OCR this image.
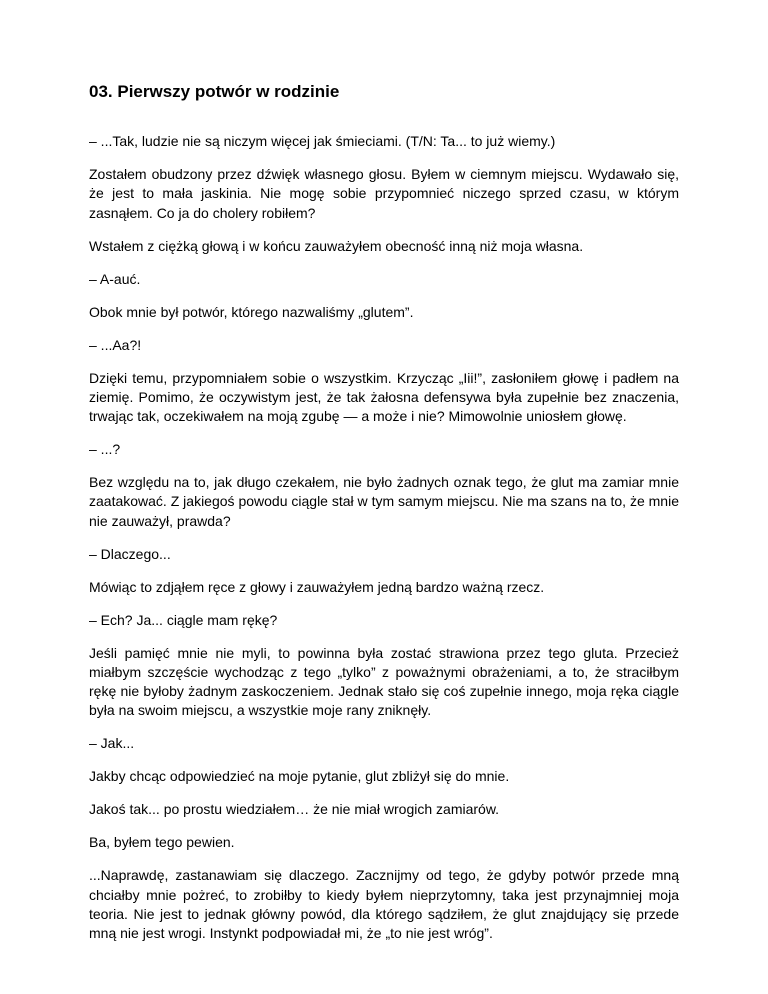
03. Pierwszy potwór w rodzinie

– ...Tak, ludzie nie są niczym więcej jak śmieciami. (T/N: Ta... to już wiemy.)

Zostałem obudzony przez dźwięk własnego głosu. Byłem w ciemnym miejscu. Wydawało się, że jest to mała jaskinia. Nie mogę sobie przypomnieć niczego sprzed czasu, w którym zasnąłem. Co ja do cholery robiłem?

Wstałem z ciężką głową i w końcu zauważyłem obecność inną niż moja własna.

– A-auć.

Obok mnie był potwór, którego nazwaliśmy „glutem”.

– ...Aa?!

Dzięki temu, przypomniałem sobie o wszystkim. Krzycząc „Iii!”, zasłoniłem głowę i padłem na ziemię. Pomimo, że oczywistym jest, że tak żałosna defensywa była zupełnie bez znaczenia, trwając tak, oczekiwałem na moją zgubę — a może i nie? Mimowolnie uniosłem głowę.

– ...?

Bez względu na to, jak długo czekałem, nie było żadnych oznak tego, że glut ma zamiar mnie zaatakować. Z jakiegoś powodu ciągle stał w tym samym miejscu. Nie ma szans na to, że mnie nie zauważył, prawda?

– Dlaczego...

Mówiąc to zdjąłem ręce z głowy i zauważyłem jedną bardzo ważną rzecz.

– Ech? Ja... ciągle mam rękę?

Jeśli pamięć mnie nie myli, to powinna była zostać strawiona przez tego gluta. Przecież miałbym szczęście wychodząc z tego „tylko” z poważnymi obrażeniami, a to, że straciłbym rękę nie byłoby żadnym zaskoczeniem. Jednak stało się coś zupełnie innego, moja ręka ciągle była na swoim miejscu, a wszystkie moje rany zniknęły.

– Jak...

Jakby chcąc odpowiedzieć na moje pytanie, glut zbliżył się do mnie.

Jakoś tak... po prostu wiedziałem… że nie miał wrogich zamiarów.

Ba, byłem tego pewien.

...Naprawdę, zastanawiam się dlaczego. Zacznijmy od tego, że gdyby potwór przede mną chciałby mnie pożreć, to zrobiłby to kiedy byłem nieprzytomny, taka jest przynajmniej moja teoria. Nie jest to jednak główny powód, dla którego sądziłem, że glut znajdujący się przede mną nie jest wrogi. Instynkt podpowiadał mi, że „to nie jest wróg”.
